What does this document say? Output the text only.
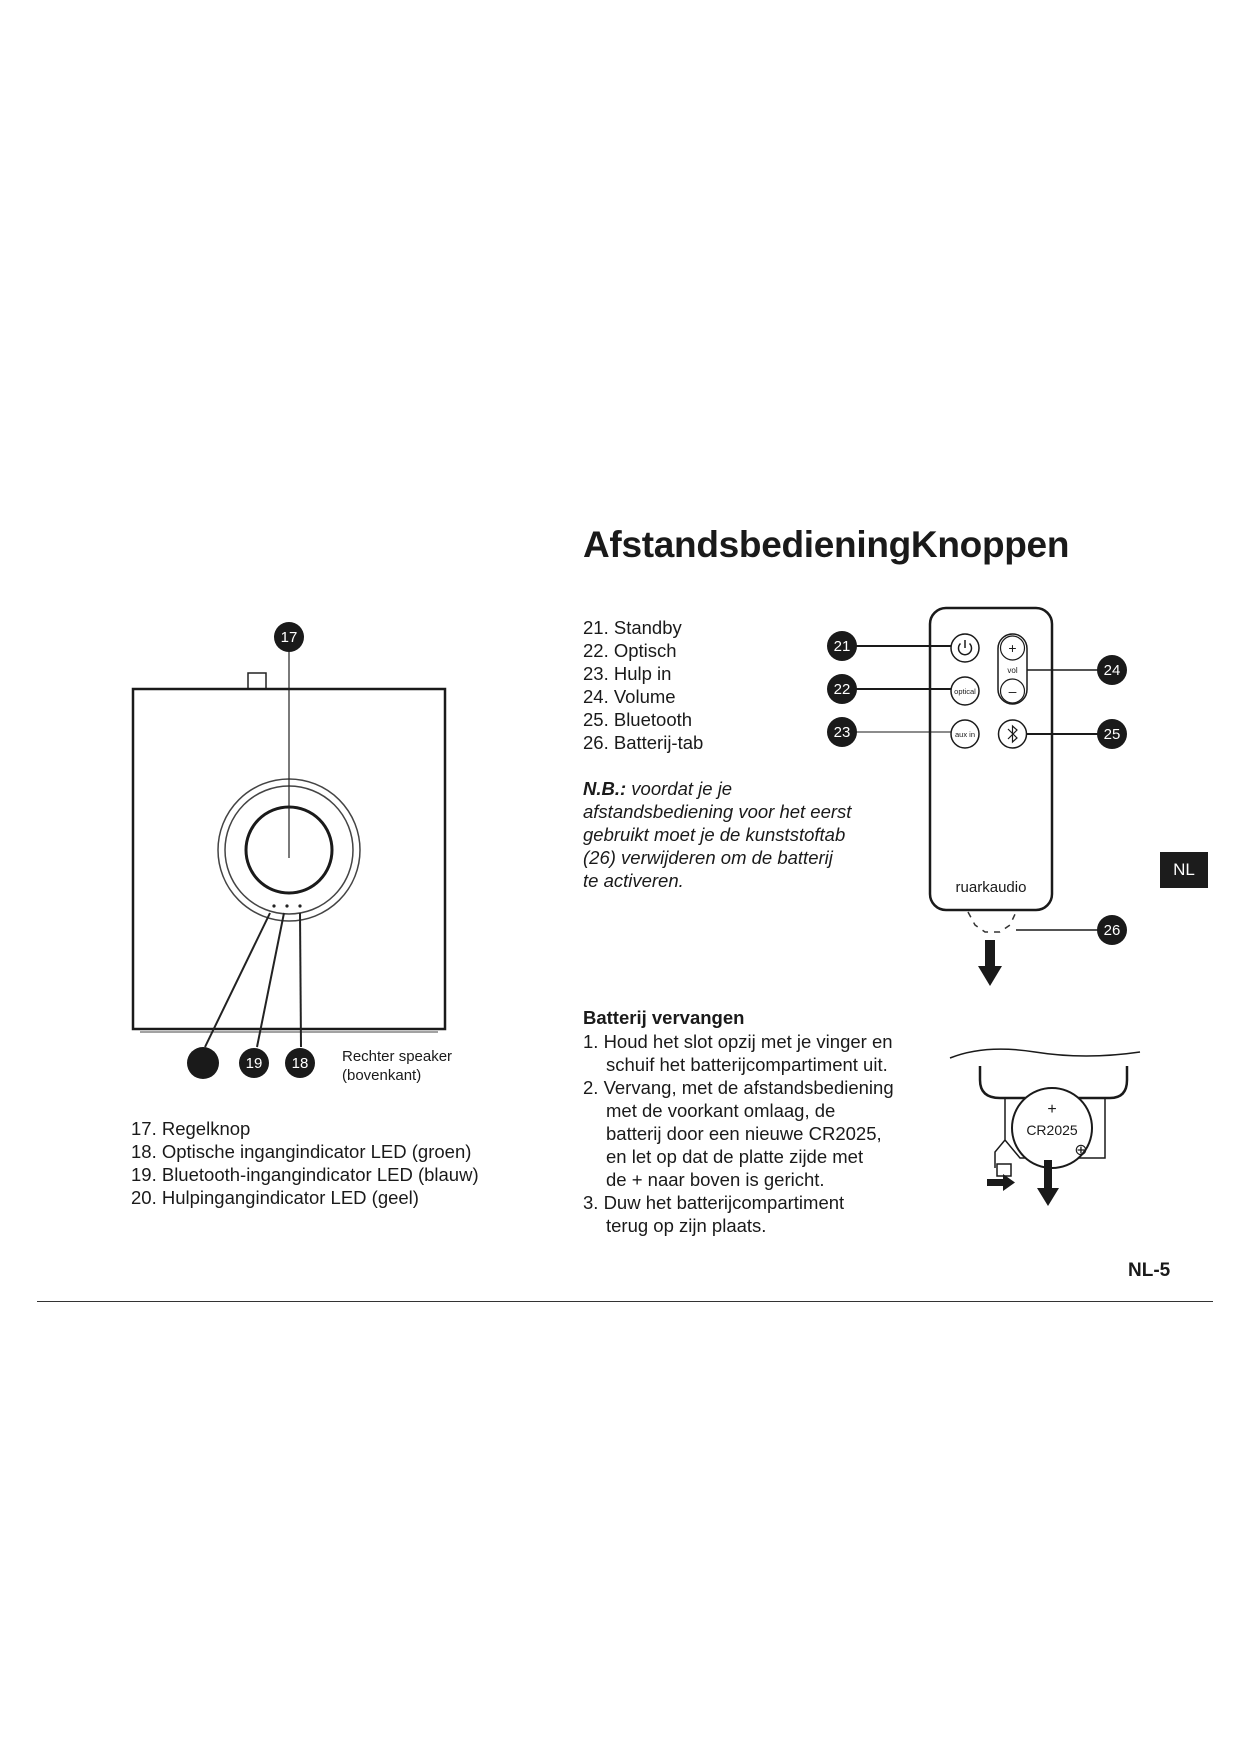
17
19 18 Rechter speaker
(bovenkant)
17. Regelknop
18. Optische ingangindicator LED (groen)
19. Bluetooth-ingangindicator LED (blauw)
20. Hulpingangindicator LED (geel)
AfstandsbedieningKnoppen
21. Standby
22. Optisch
23. Hulp in
24. Volume
25. Bluetooth
26. Batterij-tab
N.B.: voordat je je afstandsbediening voor het eerst gebruikt moet je de kunststoftab (26) verwijderen om de batterij te activeren.
optical
aux in
+
vol
–
ruarkaudio
21
22
23
24
25
26
NL
Batterij vervangen
1. Houd het slot opzij met je vinger en
schuif het batterijcompartiment uit.
2. Vervang, met de afstandsbediening
met de voorkant omlaag, de
batterij door een nieuwe CR2025,
en let op dat de platte zijde met
de + naar boven is gericht.
3. Duw het batterijcompartiment
terug op zijn plaats.
+
CR2025
⊕
NL-5
